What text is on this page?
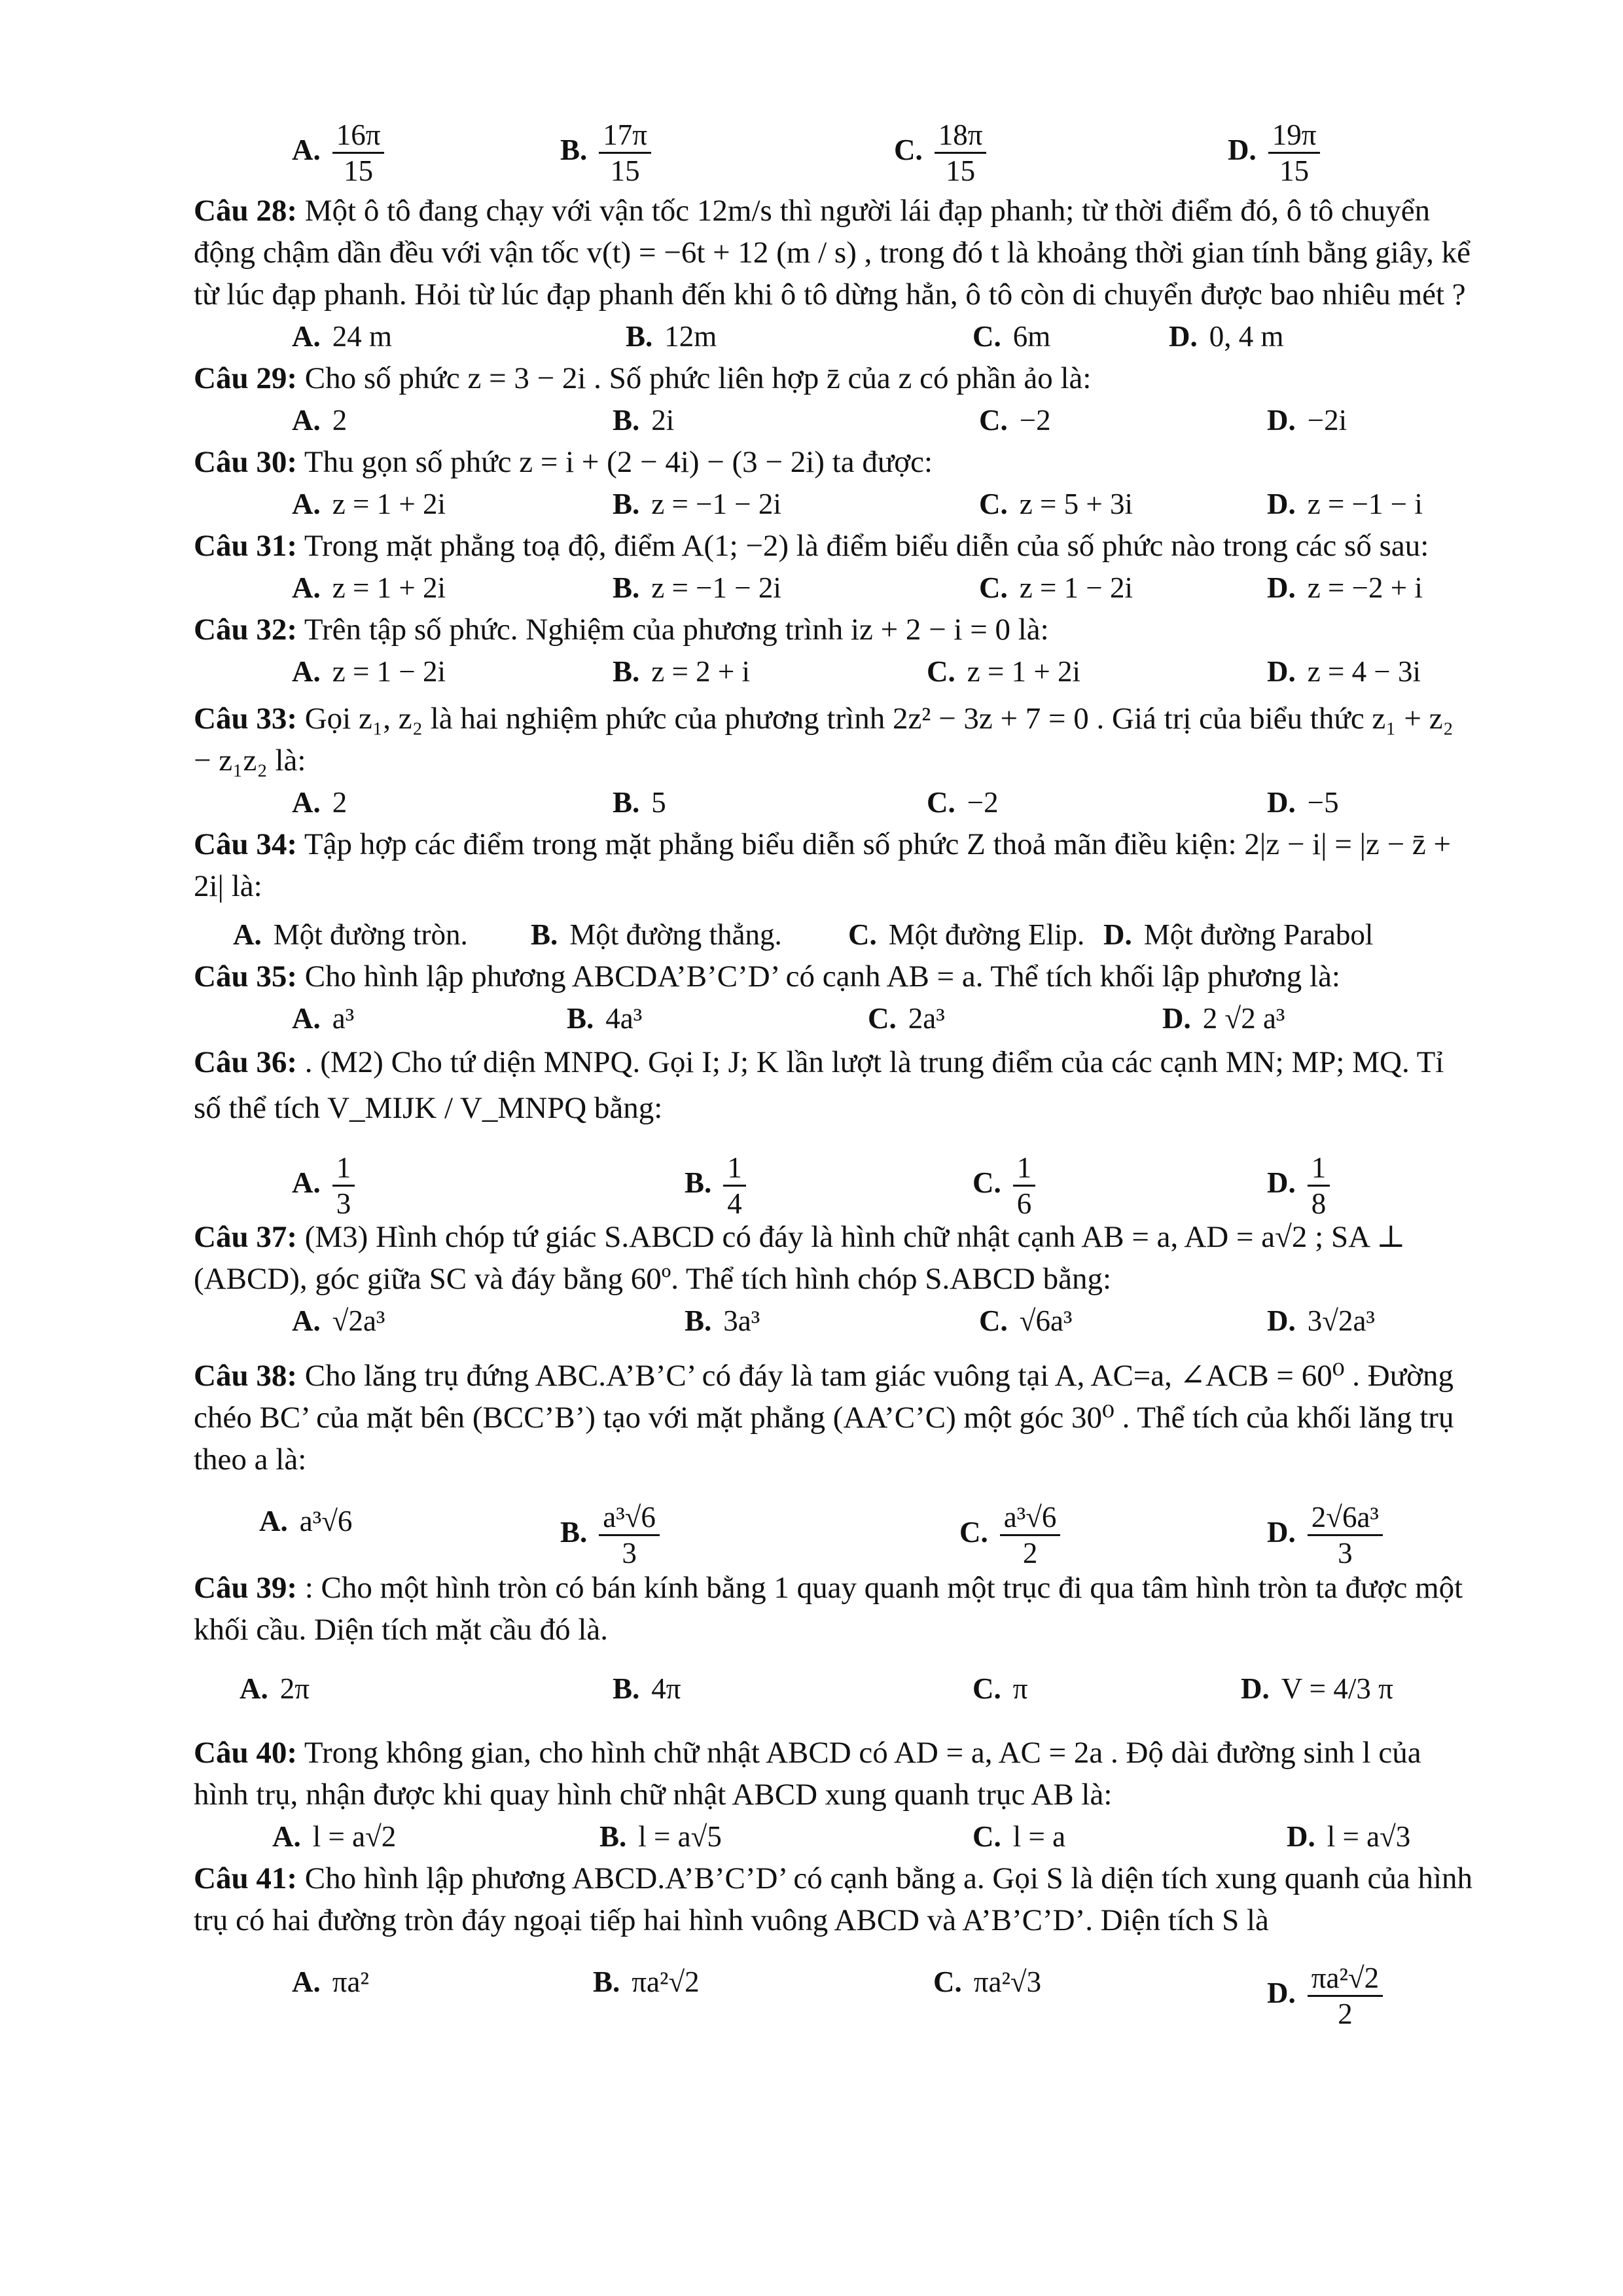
A. $\frac{16\pi}{15}$	B. $\frac{17\pi}{15}$	C. $\frac{18\pi}{15}$	D. $\frac{19\pi}{15}$

Câu 28: Một ô tô đang chạy với vận tốc 12m/s thì người lái đạp phanh; từ thời điểm đó, ô tô chuyển động chậm dần đều với vận tốc v(t) = −6t + 12 (m / s) , trong đó t là khoảng thời gian tính bằng giây, kể từ lúc đạp phanh. Hỏi từ lúc đạp phanh đến khi ô tô dừng hẳn, ô tô còn di chuyển được bao nhiêu mét ?

A. 24 m	B. 12m	C. 6m	D. 0, 4 m

Câu 29: Cho số phức z = 3 − 2i . Số phức liên hợp z̄ của z có phần ảo là:

A. 2	B. 2i	C. −2	D. −2i

Câu 30: Thu gọn số phức z = i + (2 − 4i) − (3 − 2i) ta được:

A. z = 1 + 2i	B. z = −1 − 2i	C. z = 5 + 3i	D. z = −1 − i

Câu 31: Trong mặt phẳng toạ độ, điểm A(1; −2) là điểm biểu diễn của số phức nào trong các số sau:

A. z = 1 + 2i	B. z = −1 − 2i	C. z = 1 − 2i	D. z = −2 + i

Câu 32: Trên tập số phức. Nghiệm của phương trình iz + 2 − i = 0 là:

A. z = 1 − 2i	B. z = 2 + i	C. z = 1 + 2i	D. z = 4 − 3i

Câu 33: Gọi z₁, z₂ là hai nghiệm phức của phương trình 2z² − 3z + 7 = 0 . Giá trị của biểu thức z₁ + z₂ − z₁z₂ là:

A. 2	B. 5	C. −2	D. −5

Câu 34: Tập hợp các điểm trong mặt phẳng biểu diễn số phức Z thoả mãn điều kiện: 2|z − i| = |z − z̄ + 2i| là:

A. Một đường tròn. B. Một đường thẳng. C. Một đường Elip. D. Một đường Parabol

Câu 35: Cho hình lập phương ABCDA’B’C’D’ có cạnh AB = a. Thể tích khối lập phương là:

A. a³	B. 4a³	C. 2a³	D. 2 √2 a³

Câu 36: . (M2) Cho tứ diện MNPQ. Gọi I; J; K lần lượt là trung điểm của các cạnh MN; MP; MQ. Tỉ số thể tích V_MIJK / V_MNPQ bằng:

A. $\frac{1}{3}$	B. $\frac{1}{4}$	C. $\frac{1}{6}$	D. $\frac{1}{8}$

Câu 37: (M3) Hình chóp tứ giác S.ABCD có đáy là hình chữ nhật cạnh AB = a, AD = a√2 ; SA ⊥ (ABCD), góc giữa SC và đáy bằng 60º. Thể tích hình chóp S.ABCD bằng:

A. √2a³	B. 3a³	C. √6a³	D. 3√2a³

Câu 38: Cho lăng trụ đứng ABC.A’B’C’ có đáy là tam giác vuông tại A, AC=a, ∠ACB = 60⁰ . Đường chéo BC’ của mặt bên (BCC’B’) tạo với mặt phẳng (AA’C’C) một góc 30⁰ . Thể tích của khối lăng trụ theo a là:

A. a³√6	B. $\frac{\text{a³√6}}{3}$	C. $\frac{\text{a³√6}}{2}$	D. $\frac{\text{2√6a³}}{3}$

Câu 39: : Cho một hình tròn có bán kính bằng 1 quay quanh một trục đi qua tâm hình tròn ta được một khối cầu. Diện tích mặt cầu đó là.

A. 2π	B. 4π	C. π	D. V = 4/3 π

Câu 40: Trong không gian, cho hình chữ nhật ABCD có AD = a, AC = 2a . Độ dài đường sinh l của hình trụ, nhận được khi quay hình chữ nhật ABCD xung quanh trục AB là:

A. l = a√2	B. l = a√5	C. l = a	D. l = a√3

Câu 41: Cho hình lập phương ABCD.A’B’C’D’ có cạnh bằng a. Gọi S là diện tích xung quanh của hình trụ có hai đường tròn đáy ngoại tiếp hai hình vuông ABCD và A’B’C’D’. Diện tích S là

A. πa²	B. πa²√2	C. πa²√3	D. $\frac{\text{πa²√2}}{2}$
